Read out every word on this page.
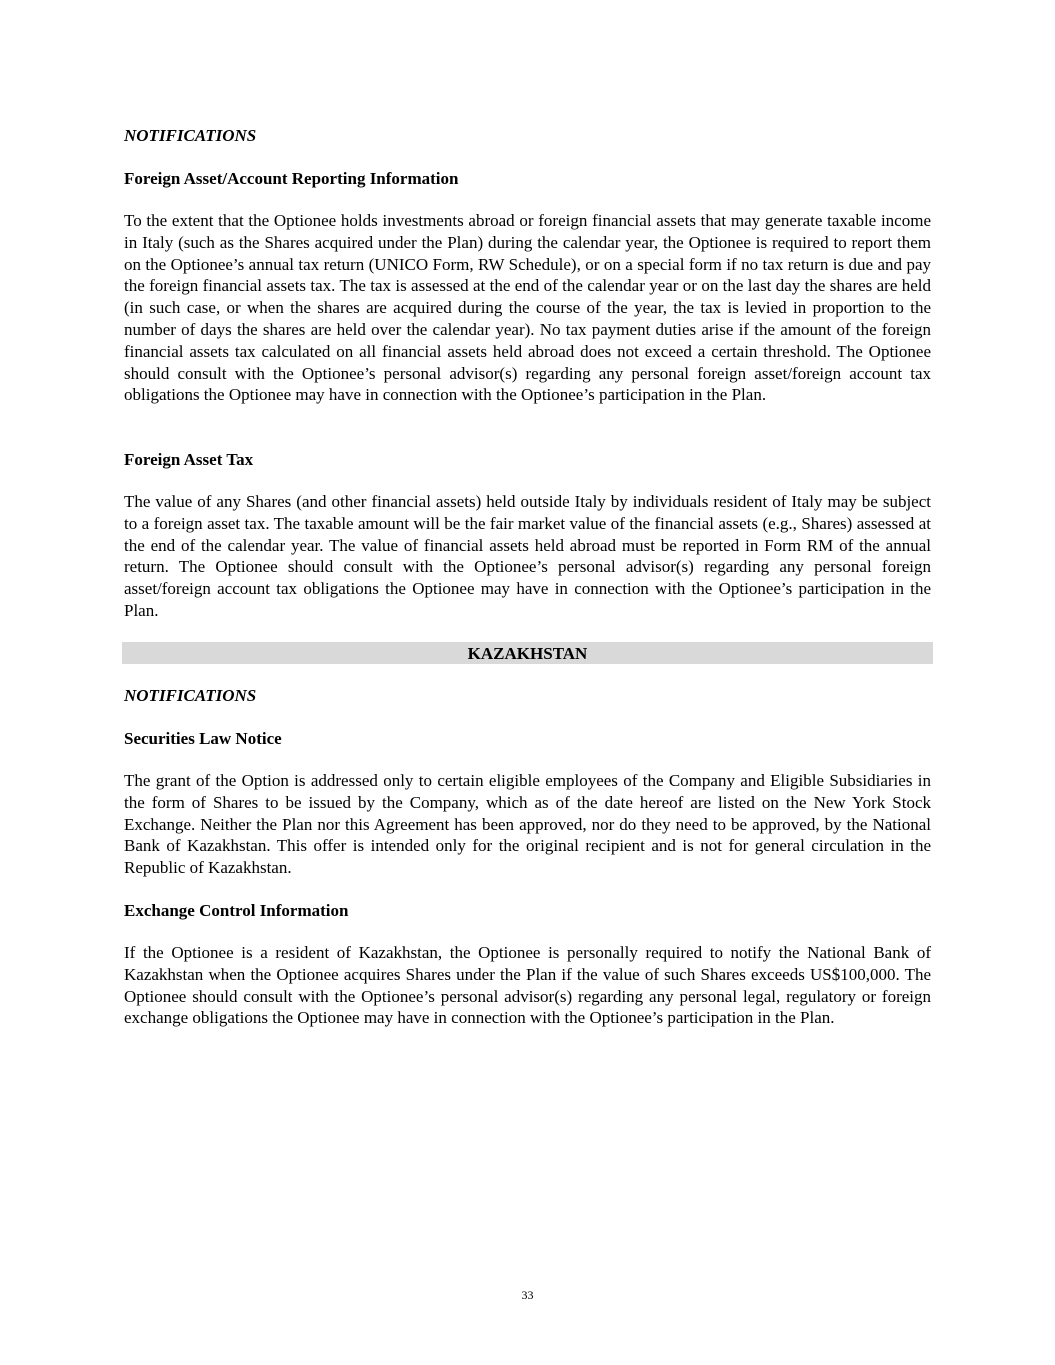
NOTIFICATIONS

Foreign Asset/Account Reporting Information

To the extent that the Optionee holds investments abroad or foreign financial assets that may generate taxable income in Italy (such as the Shares acquired under the Plan) during the calendar year, the Optionee is required to report them on the Optionee’s annual tax return (UNICO Form, RW Schedule), or on a special form if no tax return is due and pay the foreign financial assets tax. The tax is assessed at the end of the calendar year or on the last day the shares are held (in such case, or when the shares are acquired during the course of the year, the tax is levied in proportion to the number of days the shares are held over the calendar year). No tax payment duties arise if the amount of the foreign financial assets tax calculated on all financial assets held abroad does not exceed a certain threshold. The Optionee should consult with the Optionee’s personal advisor(s) regarding any personal foreign asset/foreign account tax obligations the Optionee may have in connection with the Optionee’s participation in the Plan.

Foreign Asset Tax

The value of any Shares (and other financial assets) held outside Italy by individuals resident of Italy may be subject to a foreign asset tax. The taxable amount will be the fair market value of the financial assets (e.g., Shares) assessed at the end of the calendar year. The value of financial assets held abroad must be reported in Form RM of the annual return. The Optionee should consult with the Optionee’s personal advisor(s) regarding any personal foreign asset/foreign account tax obligations the Optionee may have in connection with the Optionee’s participation in the Plan.

KAZAKHSTAN

NOTIFICATIONS

Securities Law Notice

The grant of the Option is addressed only to certain eligible employees of the Company and Eligible Subsidiaries in the form of Shares to be issued by the Company, which as of the date hereof are listed on the New York Stock Exchange. Neither the Plan nor this Agreement has been approved, nor do they need to be approved, by the National Bank of Kazakhstan. This offer is intended only for the original recipient and is not for general circulation in the Republic of Kazakhstan.

Exchange Control Information

If the Optionee is a resident of Kazakhstan, the Optionee is personally required to notify the National Bank of Kazakhstan when the Optionee acquires Shares under the Plan if the value of such Shares exceeds US$100,000. The Optionee should consult with the Optionee’s personal advisor(s) regarding any personal legal, regulatory or foreign exchange obligations the Optionee may have in connection with the Optionee’s participation in the Plan.

33
